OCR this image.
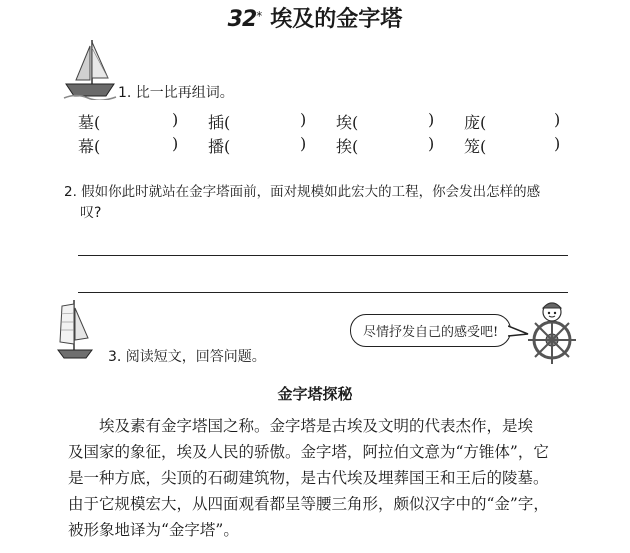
32* 埃及的金字塔
1. 比一比再组词。
墓(	) 插(	) 埃(	) 庞(	)
幕(	) 播(	) 挨(	) 笼(	)
2. 假如你此时就站在金字塔面前，面对规模如此宏大的工程，你会发出怎样的感
叹?
尽情抒发自己的感受吧!
3. 阅读短文，回答问题。
金字塔探秘

埃及素有金字塔国之称。金字塔是古埃及文明的代表杰作，是埃

及国家的象征，埃及人民的骄傲。金字塔，阿拉伯文意为“方锥体”，它

是一种方底，尖顶的石砌建筑物，是古代埃及埋葬国王和王后的陵墓。

由于它规模宏大，从四面观看都呈等腰三角形，颇似汉字中的“金”字，

被形象地译为“金字塔”。
